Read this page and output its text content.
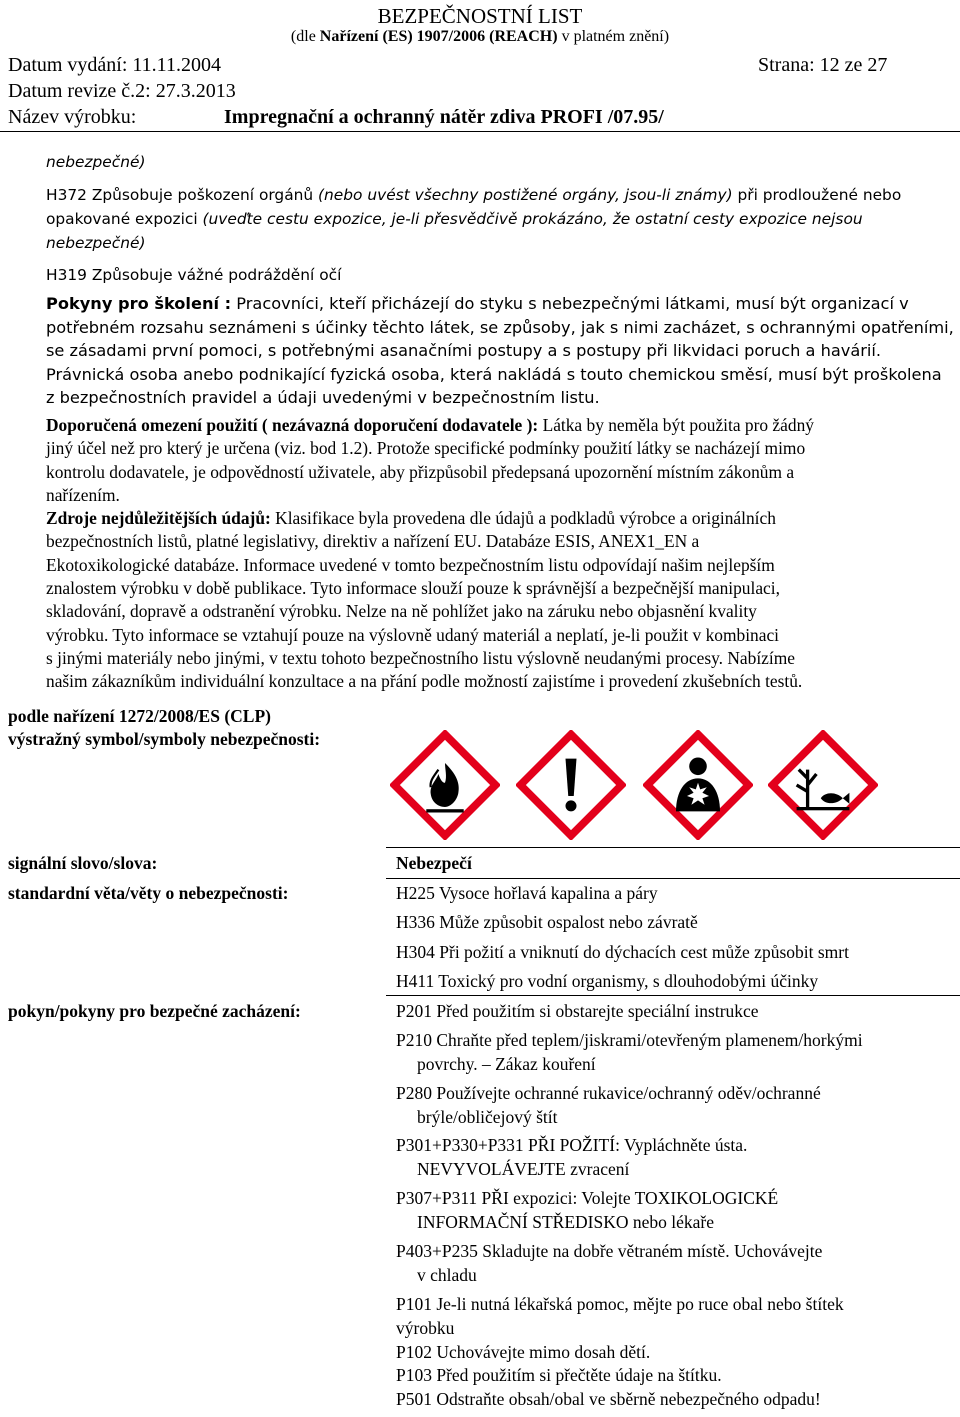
BEZPEČNOSTNÍ LIST
(dle Nařízení (ES) 1907/2006 (REACH) v platném znění)
Datum vydání: 11.11.2004	Strana: 12 ze 27
Datum revize č.2: 27.3.2013
Název výrobku:	Impregnační a ochranný nátěr zdiva PROFI /07.95/
nebezpečné)
H372 Způsobuje poškození orgánů (nebo uvést všechny postižené orgány, jsou-li známy) při prodloužené nebo
opakované expozici (uveďte cestu expozice, je-li přesvědčivě prokázáno, že ostatní cesty expozice nejsou
nebezpečné)
H319 Způsobuje vážné podráždění očí
Pokyny pro školení : Pracovníci, kteří přicházejí do styku s nebezpečnými látkami, musí být organizací v
potřebném rozsahu seznámeni s účinky těchto látek, se způsoby, jak s nimi zacházet, s ochrannými opatřeními,
se zásadami první pomoci, s potřebnými asanačními postupy a s postupy při likvidaci poruch a havárií.
Právnická osoba anebo podnikající fyzická osoba, která nakládá s touto chemickou směsí, musí být proškolena
z bezpečnostních pravidel a údaji uvedenými v bezpečnostním listu.
Doporučená omezení použití ( nezávazná doporučení dodavatele ): Látka by neměla být použita pro žádný
jiný účel než pro který je určena (viz. bod 1.2). Protože specifické podmínky použití látky se nacházejí mimo
kontrolu dodavatele, je odpovědností uživatele, aby přizpůsobil předepsaná upozornění místním zákonům a
nařízením.
Zdroje nejdůležitějších údajů: Klasifikace byla provedena dle údajů a podkladů výrobce a originálních
bezpečnostních listů, platné legislativy, direktiv a nařízení EU. Databáze ESIS, ANEX1_EN a
Ekotoxikologické databáze. Informace uvedené v tomto bezpečnostním listu odpovídají našim nejlepším
znalostem výrobku v době publikace. Tyto informace slouží pouze k správnější a bezpečnější manipulaci,
skladování, dopravě a odstranění výrobku. Nelze na ně pohlížet jako na záruku nebo objasnění kvality
výrobku. Tyto informace se vztahují pouze na výslovně udaný materiál a neplatí, je-li použit v kombinaci
s jinými materiály nebo jinými, v textu tohoto bezpečnostního listu výslovně neudanými procesy. Nabízíme
našim zákazníkům individuální konzultace a na přání podle možností zajistíme i provedení zkušebních testů.
podle nařízení 1272/2008/ES (CLP)
výstražný symbol/symboly nebezpečnosti:
signální slovo/slova:	Nebezpečí
standardní věta/věty o nebezpečnosti:	H225 Vysoce hořlavá kapalina a páry
H336 Může způsobit ospalost nebo závratě
H304 Při požití a vniknutí do dýchacích cest může způsobit smrt
H411 Toxický pro vodní organismy, s dlouhodobými účinky
pokyn/pokyny pro bezpečné zacházení:	P201 Před použitím si obstarejte speciální instrukce
P210 Chraňte před teplem/jiskrami/otevřeným plamenem/horkými
povrchy. – Zákaz kouření
P280 Používejte ochranné rukavice/ochranný oděv/ochranné
brýle/obličejový štít
P301+P330+P331 PŘI POŽITÍ: Vypláchněte ústa.
NEVYVOLÁVEJTE zvracení
P307+P311 PŘI expozici: Volejte TOXIKOLOGICKÉ
INFORMAČNÍ STŘEDISKO nebo lékaře
P403+P235 Skladujte na dobře větraném místě. Uchovávejte
v chladu
P101 Je-li nutná lékařská pomoc, mějte po ruce obal nebo štítek
výrobku
P102 Uchovávejte mimo dosah dětí.
P103 Před použitím si přečtěte údaje na štítku.
P501 Odstraňte obsah/obal ve sběrně nebezpečného odpadu!
